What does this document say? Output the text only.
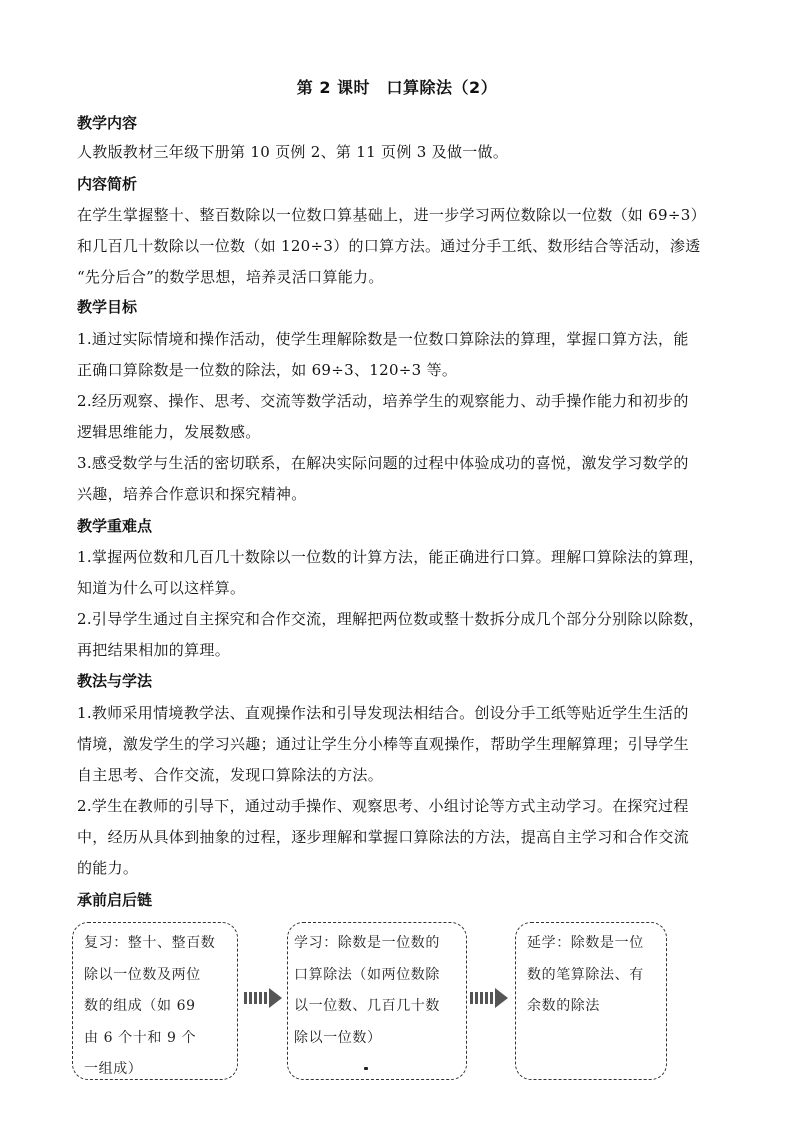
第 2 课时　口算除法（2）
教学内容
人教版教材三年级下册第 10 页例 2、第 11 页例 3 及做一做。
内容简析
在学生掌握整十、整百数除以一位数口算基础上，进一步学习两位数除以一位数（如 69÷3）
和几百几十数除以一位数（如 120÷3）的口算方法。通过分手工纸、数形结合等活动，渗透
“先分后合”的数学思想，培养灵活口算能力。
教学目标
1.通过实际情境和操作活动，使学生理解除数是一位数口算除法的算理，掌握口算方法，能
正确口算除数是一位数的除法，如 69÷3、120÷3 等。
2.经历观察、操作、思考、交流等数学活动，培养学生的观察能力、动手操作能力和初步的
逻辑思维能力，发展数感。
3.感受数学与生活的密切联系，在解决实际问题的过程中体验成功的喜悦，激发学习数学的
兴趣，培养合作意识和探究精神。
教学重难点
1.掌握两位数和几百几十数除以一位数的计算方法，能正确进行口算。理解口算除法的算理，
知道为什么可以这样算。
2.引导学生通过自主探究和合作交流，理解把两位数或整十数拆分成几个部分分别除以除数，
再把结果相加的算理。
教法与学法
1.教师采用情境教学法、直观操作法和引导发现法相结合。创设分手工纸等贴近学生生活的
情境，激发学生的学习兴趣；通过让学生分小棒等直观操作，帮助学生理解算理；引导学生
自主思考、合作交流，发现口算除法的方法。
2.学生在教师的引导下，通过动手操作、观察思考、小组讨论等方式主动学习。在探究过程
中，经历从具体到抽象的过程，逐步理解和掌握口算除法的方法，提高自主学习和合作交流
的能力。
承前启后链
复习：整十、整百数
除以一位数及两位
数的组成（如 69
由 6 个十和 9 个
一组成）
学习：除数是一位数的
口算除法（如两位数除
以一位数、几百几十数
除以一位数）
延学：除数是一位
数的笔算除法、有
余数的除法
